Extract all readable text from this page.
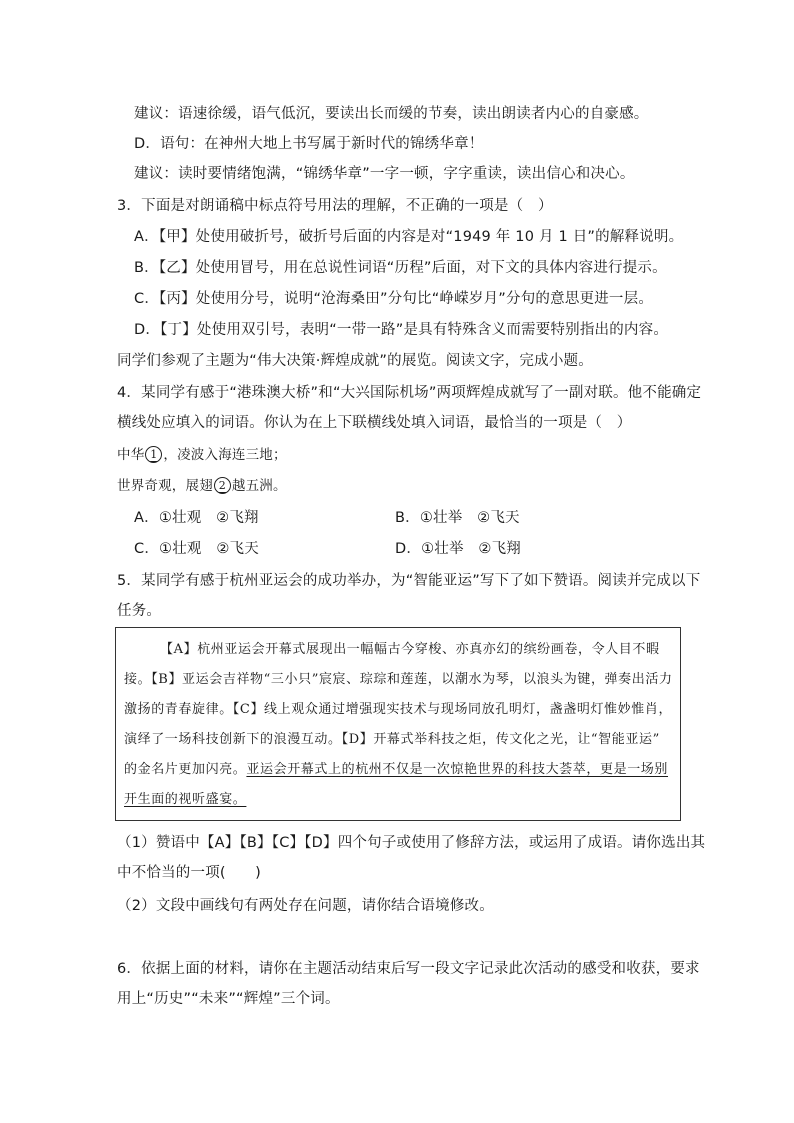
建议：语速徐缓，语气低沉，要读出长而缓的节奏，读出朗读者内心的自豪感。
D．语句：在神州大地上书写属于新时代的锦绣华章！
建议：读时要情绪饱满，“锦绣华章”一字一顿，字字重读，读出信心和决心。
3．下面是对朗诵稿中标点符号用法的理解，不正确的一项是（　）
A．【甲】处使用破折号，破折号后面的内容是对“1949 年 10 月 1 日”的解释说明。
B．【乙】处使用冒号，用在总说性词语“历程”后面，对下文的具体内容进行提示。
C．【丙】处使用分号，说明“沧海桑田”分句比“峥嵘岁月”分句的意思更进一层。
D．【丁】处使用双引号，表明“一带一路”是具有特殊含义而需要特别指出的内容。
同学们参观了主题为“伟大决策·辉煌成就”的展览。阅读文字，完成小题。
4．某同学有感于“港珠澳大桥”和“大兴国际机场”两项辉煌成就写了一副对联。他不能确定
横线处应填入的词语。你认为在上下联横线处填入词语，最恰当的一项是（　）
中华 1 ，凌波入海连三地；
世界奇观，展翅 2 越五洲。
A．①壮观　②飞翔	B．①壮举　②飞天
C．①壮观　②飞天	D．①壮举　②飞翔
5．某同学有感于杭州亚运会的成功举办，为“智能亚运”写下了如下赞语。阅读并完成以下
任务。
【A】杭州亚运会开幕式展现出一幅幅古今穿梭、亦真亦幻的缤纷画卷，令人目不暇
接。【B】亚运会吉祥物“三小只”宸宸、琮琮和莲莲，以潮水为琴，以浪头为键，弹奏出活力
激扬的青春旋律。【C】线上观众通过增强现实技术与现场同放孔明灯，盏盏明灯惟妙惟肖，
演绎了一场科技创新下的浪漫互动。【D】开幕式举科技之炬，传文化之光，让“智能亚运”
的金名片更加闪亮。亚运会开幕式上的杭州不仅是一次惊艳世界的科技大荟萃，更是一场别
开生面的视听盛宴。
（1）赞语中【A】【B】【C】【D】四个句子或使用了修辞方法，或运用了成语。请你选出其
中不恰当的一项(　　)
（2）文段中画线句有两处存在问题，请你结合语境修改。
6．依据上面的材料，请你在主题活动结束后写一段文字记录此次活动的感受和收获，要求
用上“历史”“未来”“辉煌”三个词。
